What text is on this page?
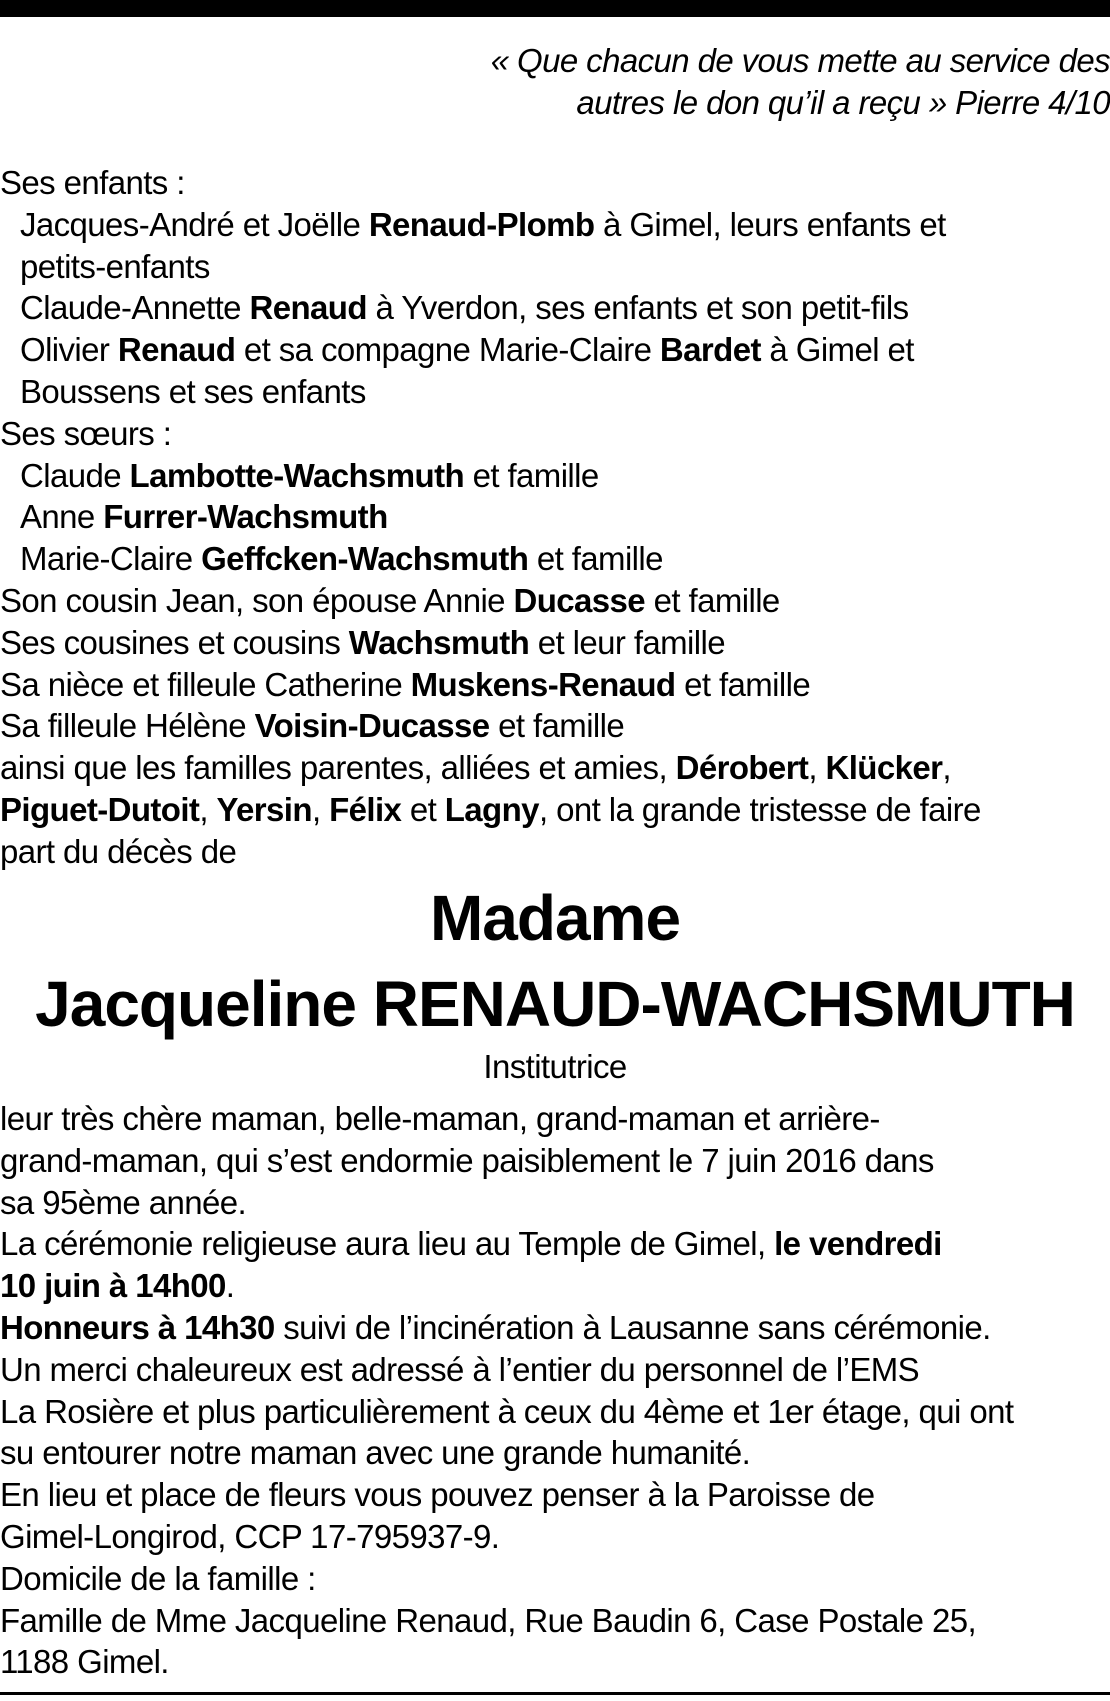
« Que chacun de vous mette au service des
autres le don qu’il a reçu » Pierre 4/10
Ses enfants :
Jacques-André et Joëlle Renaud-Plomb à Gimel, leurs enfants et
petits-enfants
Claude-Annette Renaud à Yverdon, ses enfants et son petit-fils
Olivier Renaud et sa compagne Marie-Claire Bardet à Gimel et
Boussens et ses enfants
Ses sœurs :
Claude Lambotte-Wachsmuth et famille
Anne Furrer-Wachsmuth
Marie-Claire Geffcken-Wachsmuth et famille
Son cousin Jean, son épouse Annie Ducasse et famille
Ses cousines et cousins Wachsmuth et leur famille
Sa nièce et filleule Catherine Muskens-Renaud et famille
Sa filleule Hélène Voisin-Ducasse et famille
ainsi que les familles parentes, alliées et amies, Dérobert, Klücker,
Piguet-Dutoit, Yersin, Félix et Lagny, ont la grande tristesse de faire
part du décès de
Madame
Jacqueline RENAUD-WACHSMUTH
Institutrice
leur très chère maman, belle-maman, grand-maman et arrière-
grand-maman, qui s’est endormie paisiblement le 7 juin 2016 dans
sa 95ème année.
La cérémonie religieuse aura lieu au Temple de Gimel, le vendredi
10 juin à 14h00.
Honneurs à 14h30 suivi de l’incinération à Lausanne sans cérémonie.
Un merci chaleureux est adressé à l’entier du personnel de l’EMS
La Rosière et plus particulièrement à ceux du 4ème et 1er étage, qui ont
su entourer notre maman avec une grande humanité.
En lieu et place de fleurs vous pouvez penser à la Paroisse de
Gimel-Longirod, CCP 17-795937-9.
Domicile de la famille :
Famille de Mme Jacqueline Renaud, Rue Baudin 6, Case Postale 25,
1188 Gimel.
